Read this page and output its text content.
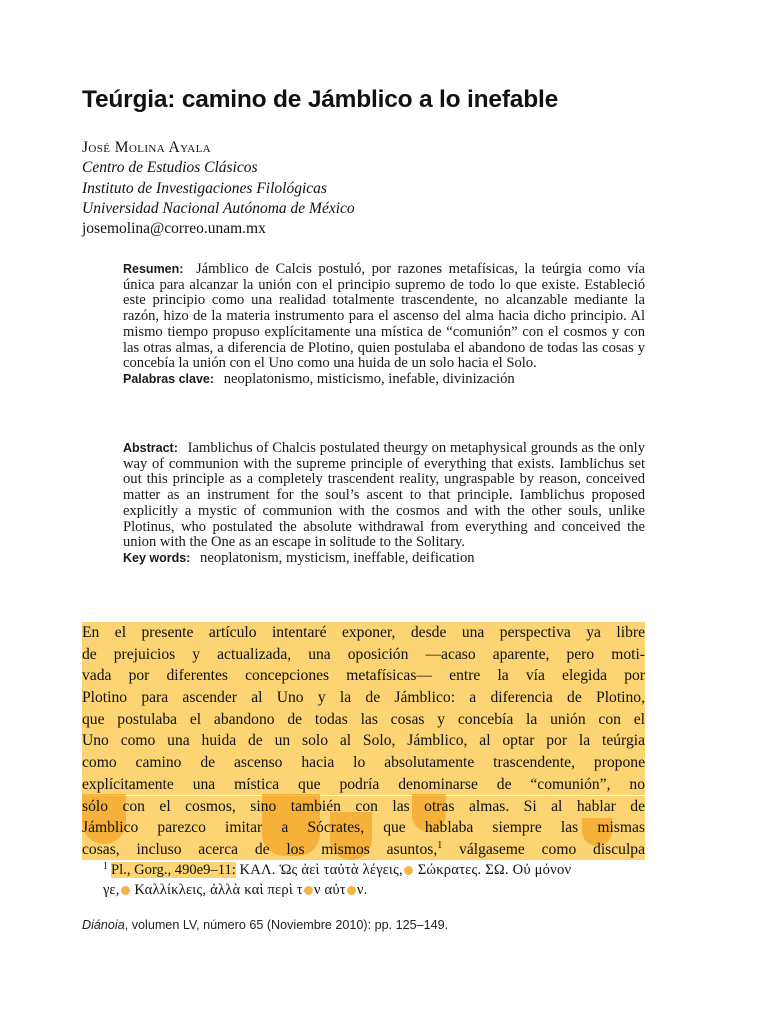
Teúrgia: camino de Jámblico a lo inefable
José Molina Ayala
Centro de Estudios Clásicos
Instituto de Investigaciones Filológicas
Universidad Nacional Autónoma de México
josemolina@correo.unam.mx

Resumen: Jámblico de Calcis postuló, por razones metafísicas, la teúrgia como vía única para alcanzar la unión con el principio supremo de todo lo que existe. Estableció este principio como una realidad totalmente trascendente, no alcanzable mediante la razón, hizo de la materia instrumento para el ascenso del alma hacia dicho principio. Al mismo tiempo propuso explícitamente una mística de “comunión” con el cosmos y con las otras almas, a diferencia de Plotino, quien postulaba el abandono de todas las cosas y concebía la unión con el Uno como una huida de un solo hacia el Solo.

Palabras clave: neoplatonismo, misticismo, inefable, divinización

Abstract: Iamblichus of Chalcis postulated theurgy on metaphysical grounds as the only way of communion with the supreme principle of everything that exists. Iamblichus set out this principle as a completely trascendent reality, ungraspable by reason, conceived matter as an instrument for the soul’s ascent to that principle. Iamblichus proposed explicitly a mystic of communion with the cosmos and with the other souls, unlike Plotinus, who postulated the absolute withdrawal from everything and conceived the union with the One as an escape in solitude to the Solitary.

Key words: neoplatonism, mysticism, ineffable, deification

En el presente artículo intentaré exponer, desde una perspectiva ya libre
de prejuicios y actualizada, una oposición —acaso aparente, pero moti-
vada por diferentes concepciones metafísicas— entre la vía elegida por
Plotino para ascender al Uno y la de Jámblico: a diferencia de Plotino,
que postulaba el abandono de todas las cosas y concebía la unión con el
Uno como una huida de un solo al Solo, Jámblico, al optar por la teúrgia
como camino de ascenso hacia lo absolutamente trascendente, propone
explícitamente una mística que podría denominarse de “comunión”, no
sólo con el cosmos, sino también con las otras almas. Si al hablar de
Jámblico parezco imitar a Sócrates, que hablaba siempre las mismas
cosas, incluso acerca de los mismos asuntos,$^1$ válgaseme como disculpa
$^1$ Pl., Gorg., 490e9–11: ΚΑΛ. Ὡς ἀεὶ ταὐτὰ λέγεις, Σώκρατες. ΣΩ. Οὐ μόνον
γε, Καλλίκλεις, ἀλλὰ καὶ περὶ τ ν αὐτ ν.
Diánoia, volumen LV, número 65 (Noviembre 2010): pp. 125–149.
